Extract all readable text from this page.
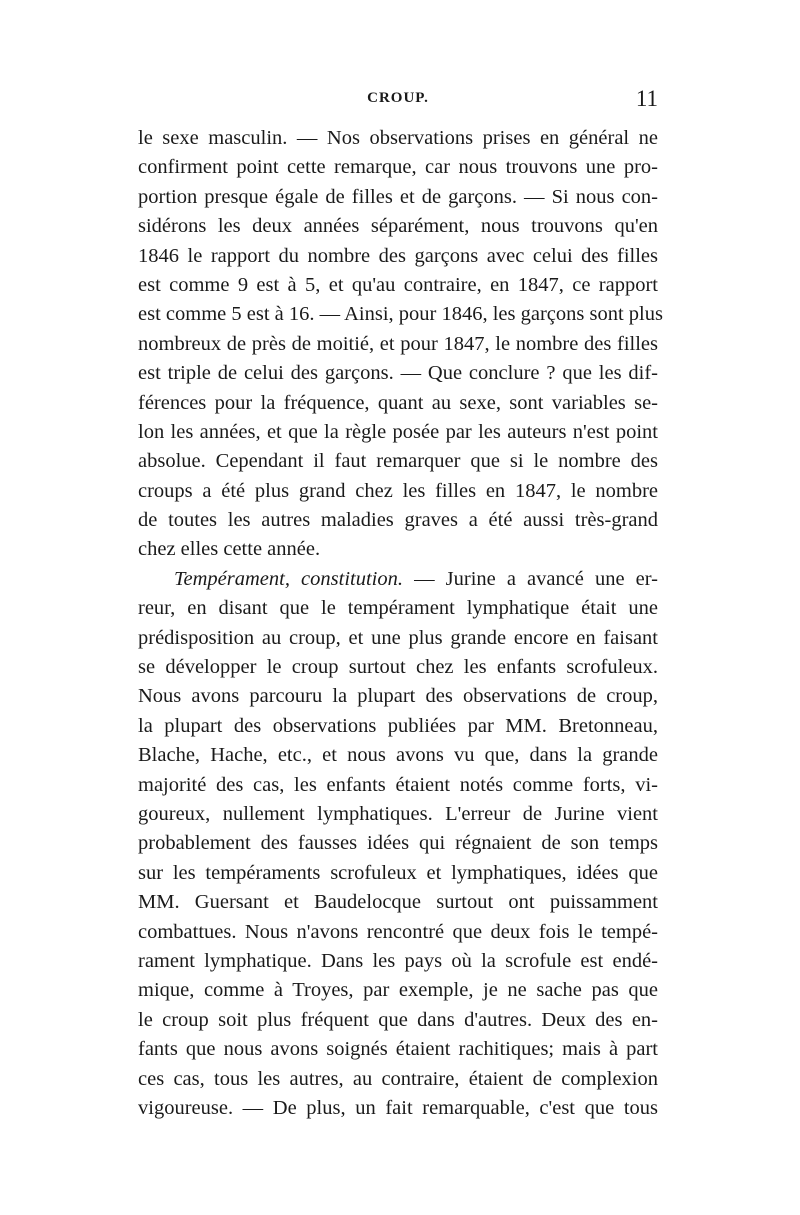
CROUP.	11
le sexe masculin. — Nos observations prises en général ne
confirment point cette remarque, car nous trouvons une pro-
portion presque égale de filles et de garçons. — Si nous con-
sidérons les deux années séparément, nous trouvons qu'en
1846 le rapport du nombre des garçons avec celui des filles
est comme 9 est à 5, et qu'au contraire, en 1847, ce rapport
est comme 5 est à 16. — Ainsi, pour 1846, les garçons sont plus
nombreux de près de moitié, et pour 1847, le nombre des filles
est triple de celui des garçons. — Que conclure ? que les dif-
férences pour la fréquence, quant au sexe, sont variables se-
lon les années, et que la règle posée par les auteurs n'est point
absolue. Cependant il faut remarquer que si le nombre des
croups a été plus grand chez les filles en 1847, le nombre
de toutes les autres maladies graves a été aussi très-grand
chez elles cette année.
Tempérament, constitution. — Jurine a avancé une er-
reur, en disant que le tempérament lymphatique était une
prédisposition au croup, et une plus grande encore en faisant
se développer le croup surtout chez les enfants scrofuleux.
Nous avons parcouru la plupart des observations de croup,
la plupart des observations publiées par MM. Bretonneau,
Blache, Hache, etc., et nous avons vu que, dans la grande
majorité des cas, les enfants étaient notés comme forts, vi-
goureux, nullement lymphatiques. L'erreur de Jurine vient
probablement des fausses idées qui régnaient de son temps
sur les tempéraments scrofuleux et lymphatiques, idées que
MM. Guersant et Baudelocque surtout ont puissamment
combattues. Nous n'avons rencontré que deux fois le tempé-
rament lymphatique. Dans les pays où la scrofule est endé-
mique, comme à Troyes, par exemple, je ne sache pas que
le croup soit plus fréquent que dans d'autres. Deux des en-
fants que nous avons soignés étaient rachitiques; mais à part
ces cas, tous les autres, au contraire, étaient de complexion
vigoureuse. — De plus, un fait remarquable, c'est que tous
